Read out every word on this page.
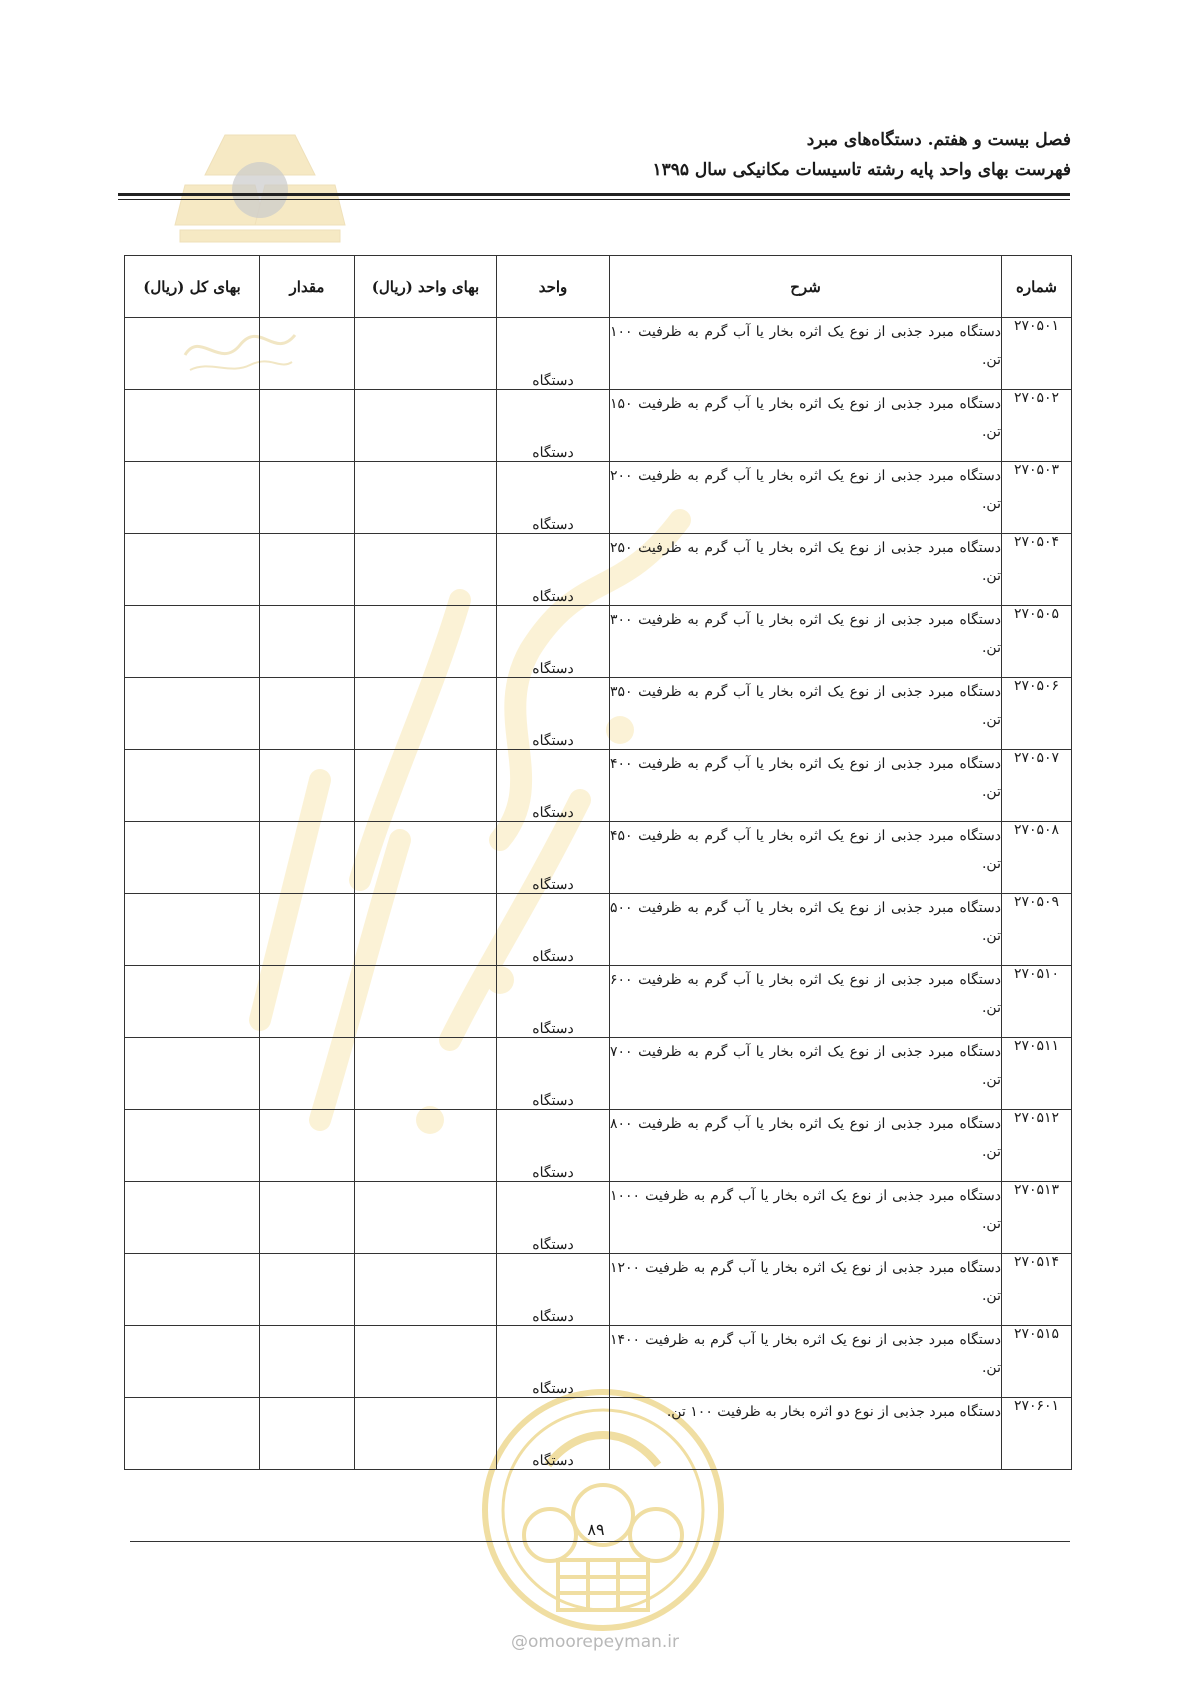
فصل بیست و هفتم. دستگاه‌های مبرد
فهرست بهای واحد پایه رشته تاسیسات مکانیکی سال ۱۳۹۵
شماره	شرح	واحد	بهای واحد (ریال)	مقدار	بهای کل (ریال)
۲۷۰۵۰۱	دستگاه مبرد جذبی از نوع یک اثره بخار یا آب گرم به ظرفیت ۱۰۰ تن.	دستگاه			
۲۷۰۵۰۲	دستگاه مبرد جذبی از نوع یک اثره بخار یا آب گرم به ظرفیت ۱۵۰ تن.	دستگاه			
۲۷۰۵۰۳	دستگاه مبرد جذبی از نوع یک اثره بخار یا آب گرم به ظرفیت ۲۰۰ تن.	دستگاه			
۲۷۰۵۰۴	دستگاه مبرد جذبی از نوع یک اثره بخار یا آب گرم به ظرفیت ۲۵۰ تن.	دستگاه			
۲۷۰۵۰۵	دستگاه مبرد جذبی از نوع یک اثره بخار یا آب گرم به ظرفیت ۳۰۰ تن.	دستگاه			
۲۷۰۵۰۶	دستگاه مبرد جذبی از نوع یک اثره بخار یا آب گرم به ظرفیت ۳۵۰ تن.	دستگاه			
۲۷۰۵۰۷	دستگاه مبرد جذبی از نوع یک اثره بخار یا آب گرم به ظرفیت ۴۰۰ تن.	دستگاه			
۲۷۰۵۰۸	دستگاه مبرد جذبی از نوع یک اثره بخار یا آب گرم به ظرفیت ۴۵۰ تن.	دستگاه			
۲۷۰۵۰۹	دستگاه مبرد جذبی از نوع یک اثره بخار یا آب گرم به ظرفیت ۵۰۰ تن.	دستگاه			
۲۷۰۵۱۰	دستگاه مبرد جذبی از نوع یک اثره بخار یا آب گرم به ظرفیت ۶۰۰ تن.	دستگاه			
۲۷۰۵۱۱	دستگاه مبرد جذبی از نوع یک اثره بخار یا آب گرم به ظرفیت ۷۰۰ تن.	دستگاه			
۲۷۰۵۱۲	دستگاه مبرد جذبی از نوع یک اثره بخار یا آب گرم به ظرفیت ۸۰۰ تن.	دستگاه			
۲۷۰۵۱۳	دستگاه مبرد جذبی از نوع یک اثره بخار یا آب گرم به ظرفیت ۱۰۰۰ تن.	دستگاه			
۲۷۰۵۱۴	دستگاه مبرد جذبی از نوع یک اثره بخار یا آب گرم به ظرفیت ۱۲۰۰ تن.	دستگاه			
۲۷۰۵۱۵	دستگاه مبرد جذبی از نوع یک اثره بخار یا آب گرم به ظرفیت ۱۴۰۰ تن.	دستگاه			
۲۷۰۶۰۱	دستگاه مبرد جذبی از نوع دو اثره بخار به ظرفیت ۱۰۰ تن.	دستگاه			
۸۹
@omoorepeyman.ir
